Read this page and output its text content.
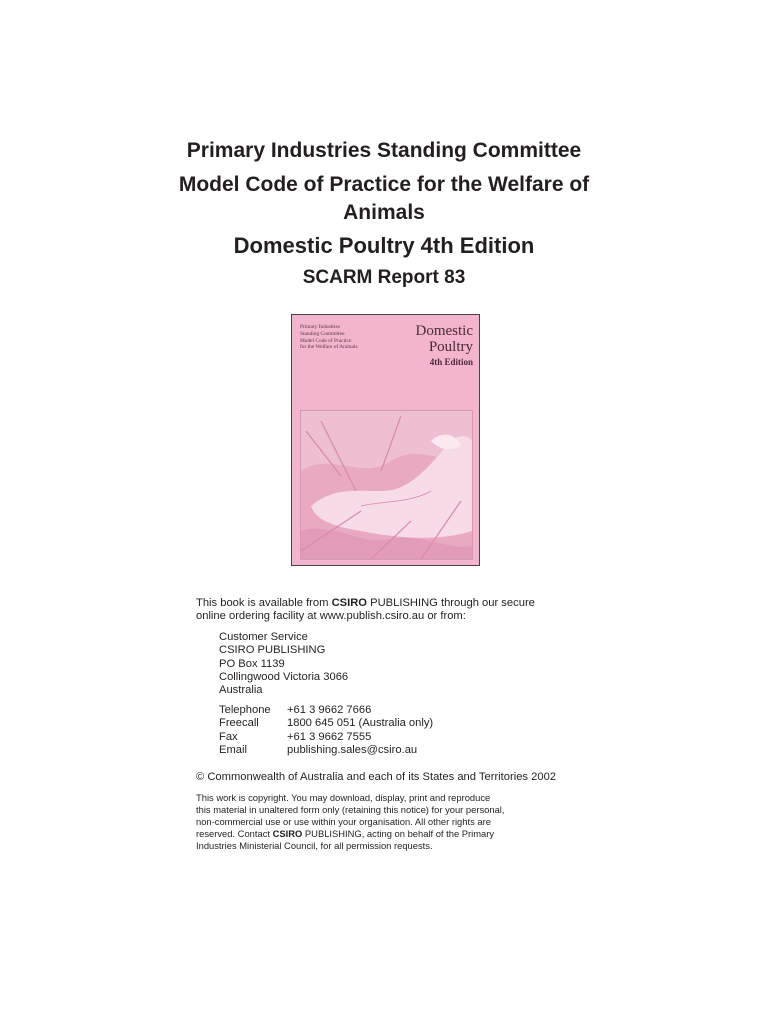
Primary Industries Standing Committee
Model Code of Practice for the Welfare of Animals
Domestic Poultry 4th Edition
SCARM Report 83
Primary Industries
Standing Committee
Model Code of Practice
for the Welfare of Animals
Domestic
Poultry
4th Edition
This book is available from CSIRO PUBLISHING through our secure
online ordering facility at www.publish.csiro.au or from:
Customer Service
CSIRO PUBLISHING
PO Box 1139
Collingwood Victoria 3066
Australia
Telephone	+61 3 9662 7666
Freecall	1800 645 051 (Australia only)
Fax	+61 3 9662 7555
Email	publishing.sales@csiro.au
© Commonwealth of Australia and each of its States and Territories 2002
This work is copyright. You may download, display, print and reproduce
this material in unaltered form only (retaining this notice) for your personal,
non-commercial use or use within your organisation. All other rights are
reserved. Contact CSIRO PUBLISHING, acting on behalf of the Primary
Industries Ministerial Council, for all permission requests.
